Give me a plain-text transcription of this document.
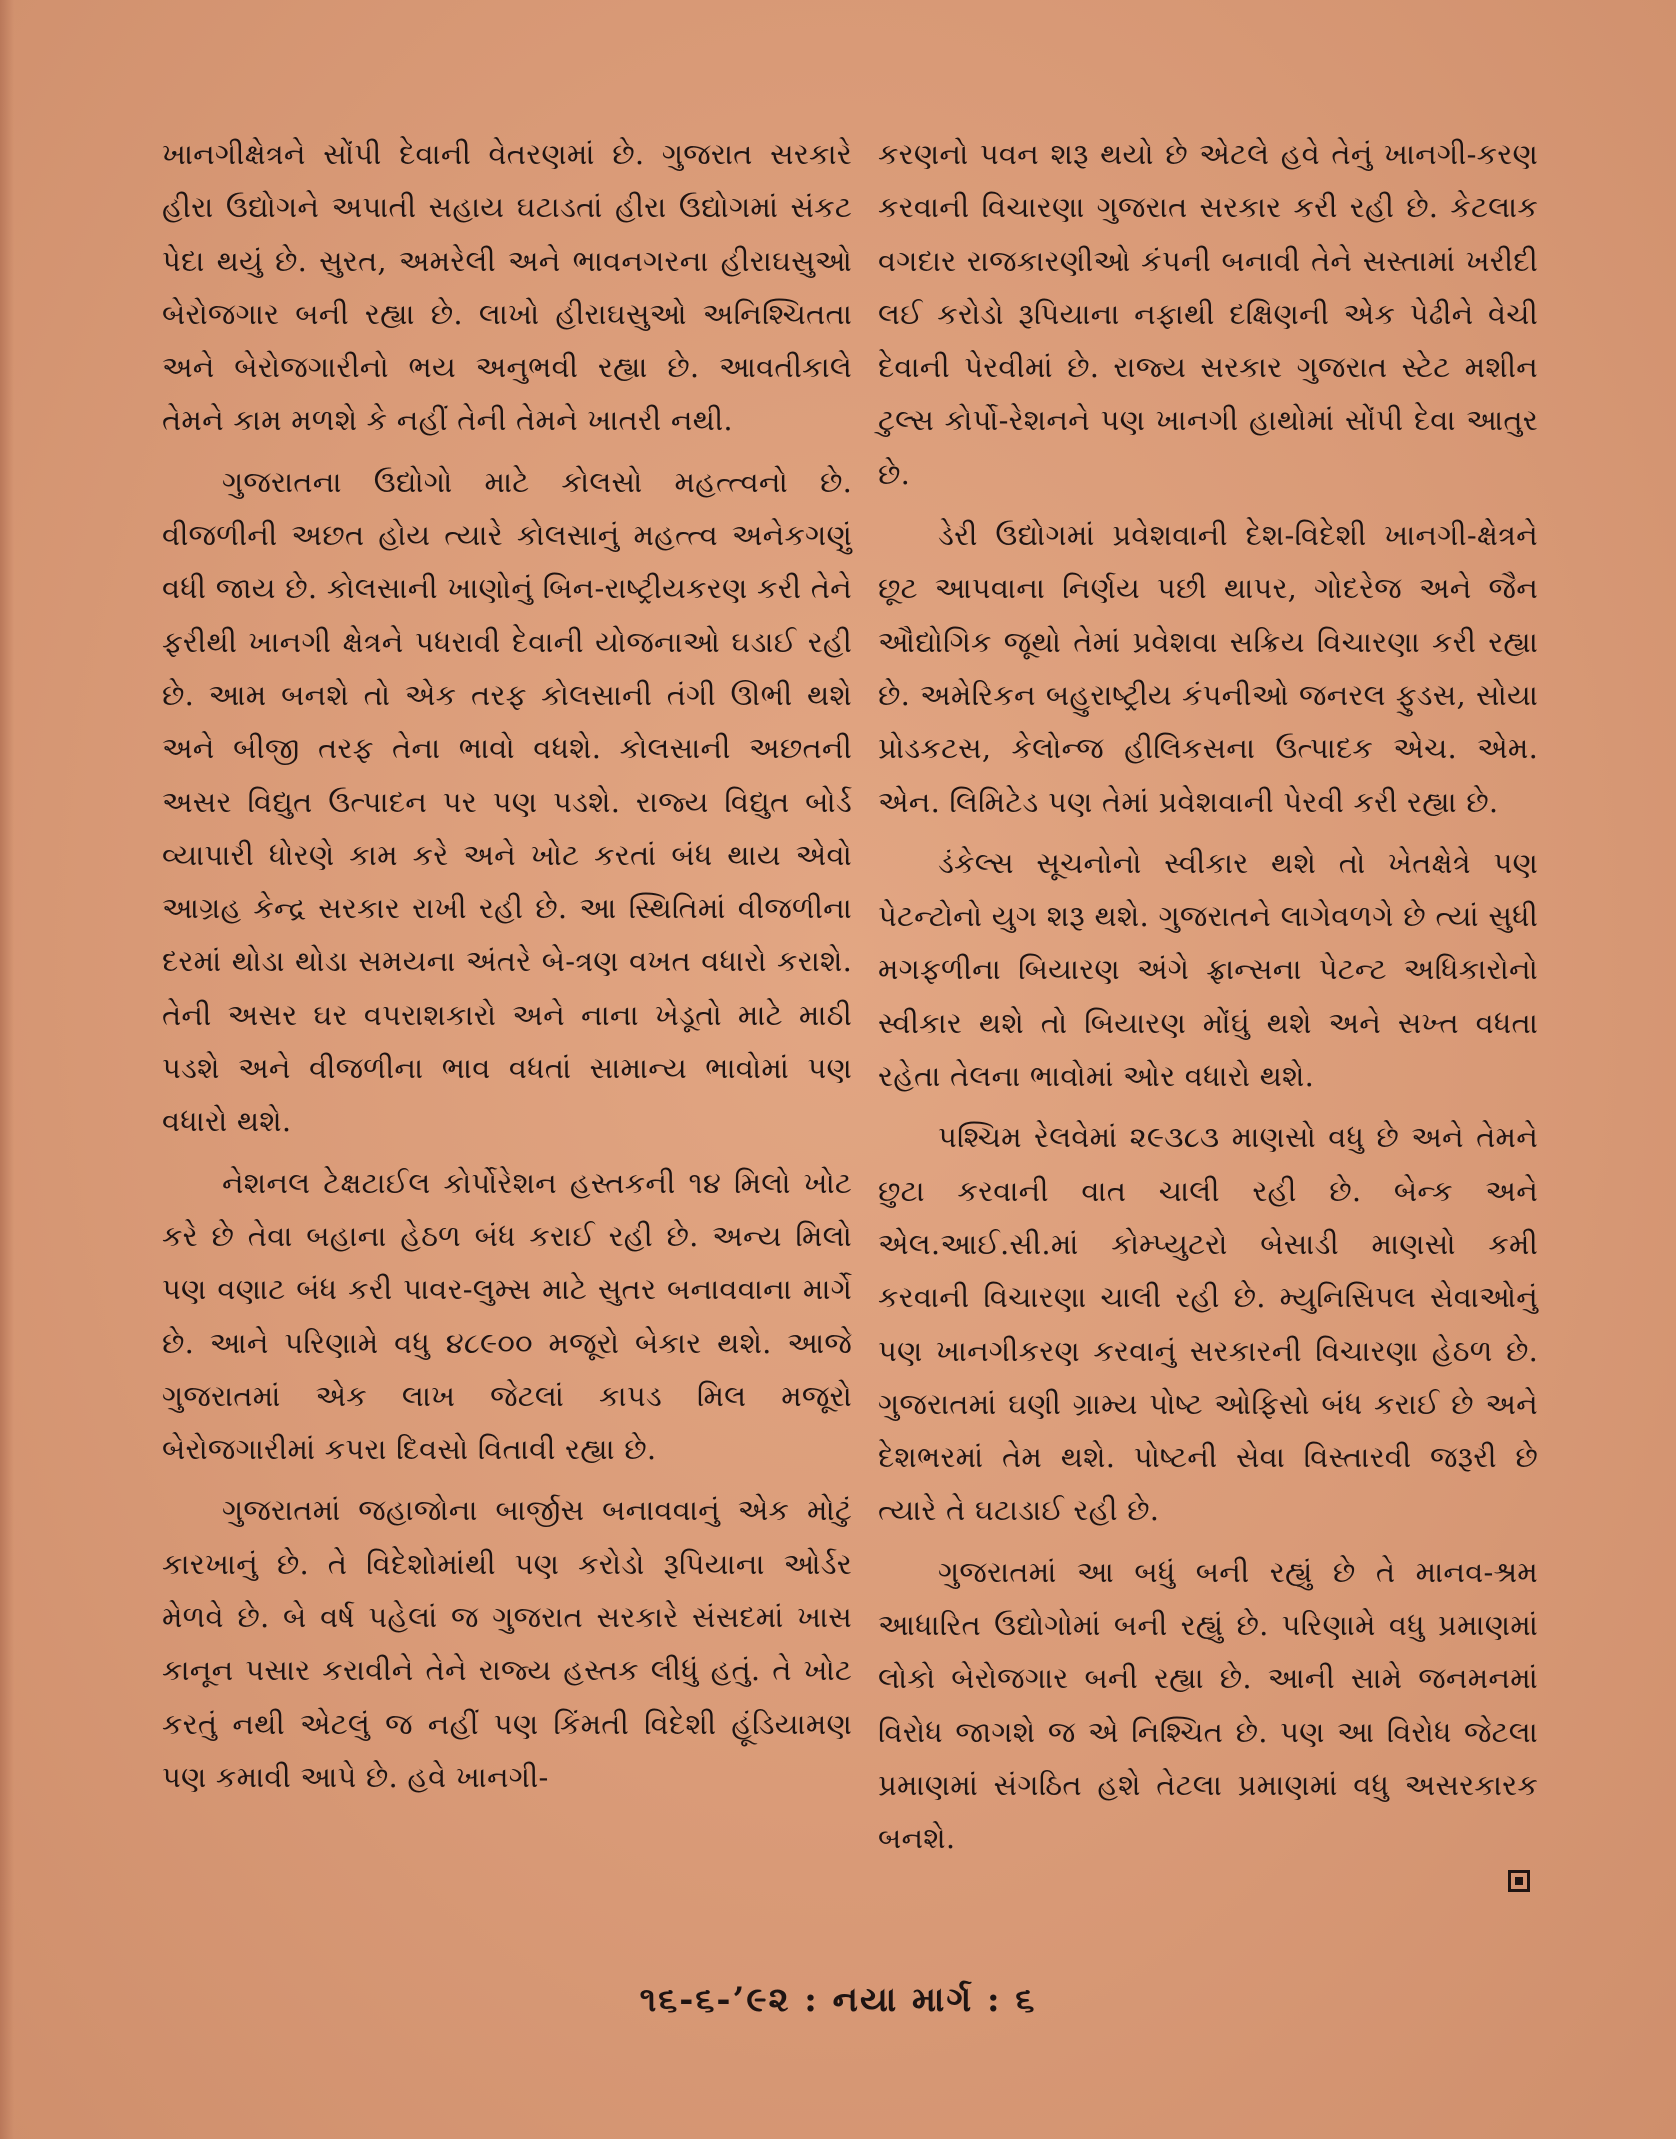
ખાનગીક્ષેત્રને સોંપી દેવાની વેતરણમાં છે. ગુજરાત સરકારે હીરા ઉદ્યોગને અપાતી સહાય ઘટાડતાં હીરા ઉદ્યોગમાં સંકટ પેદા થયું છે. સુરત, અમરેલી અને ભાવનગરના હીરાઘસુઓ બેરોજગાર બની રહ્યા છે. લાખો હીરાઘસુઓ અનિશ્ચિતતા અને બેરોજગારીનો ભય અનુભવી રહ્યા છે. આવતીકાલે તેમને કામ મળશે કે નહીં તેની તેમને ખાતરી નથી.

ગુજરાતના ઉદ્યોગો માટે કોલસો મહત્ત્વનો છે. વીજળીની અછત હોય ત્યારે કોલસાનું મહત્ત્વ અનેકગણું વધી જાય છે. કોલસાની ખાણોનું બિન-રાષ્ટ્રીયકરણ કરી તેને ફરીથી ખાનગી ક્ષેત્રને પધરાવી દેવાની યોજનાઓ ઘડાઈ રહી છે. આમ બનશે તો એક તરફ કોલસાની તંગી ઊભી થશે અને બીજી તરફ તેના ભાવો વધશે. કોલસાની અછતની અસર વિદ્યુત ઉત્પાદન પર પણ પડશે. રાજ્ય વિદ્યુત બોર્ડ વ્યાપારી ધોરણે કામ કરે અને ખોટ કરતાં બંધ થાય એવો આગ્રહ કેન્દ્ર સરકાર રાખી રહી છે. આ સ્થિતિમાં વીજળીના દરમાં થોડા થોડા સમયના અંતરે બે-ત્રણ વખત વધારો કરાશે. તેની અસર ઘર વપરાશકારો અને નાના ખેડૂતો માટે માઠી પડશે અને વીજળીના ભાવ વધતાં સામાન્ય ભાવોમાં પણ વધારો થશે.

નેશનલ ટેક્ષટાઈલ કોર્પોરેશન હસ્તકની ૧૪ મિલો ખોટ કરે છે તેવા બહાના હેઠળ બંધ કરાઈ રહી છે. અન્ય મિલો પણ વણાટ બંધ કરી પાવર-લુમ્સ માટે સુતર બનાવવાના માર્ગે છે. આને પરિણામે વધુ ૪૮૯૦૦ મજૂરો બેકાર થશે. આજે ગુજરાતમાં એક લાખ જેટલાં કાપડ મિલ મજૂરો બેરોજગારીમાં કપરા દિવસો વિતાવી રહ્યા છે.

ગુજરાતમાં જહાજોના બાર્જીસ બનાવવાનું એક મોટું કારખાનું છે. તે વિદેશોમાંથી પણ કરોડો રૂપિયાના ઓર્ડર મેળવે છે. બે વર્ષ પહેલાં જ ગુજરાત સરકારે સંસદમાં ખાસ કાનૂન પસાર કરાવીને તેને રાજ્ય હસ્તક લીધું હતું. તે ખોટ કરતું નથી એટલું જ નહીં પણ કિંમતી વિદેશી હૂંડિયામણ પણ કમાવી આપે છે. હવે ખાનગી-

કરણનો પવન શરૂ થયો છે એટલે હવે તેનું ખાનગી-કરણ કરવાની વિચારણા ગુજરાત સરકાર કરી રહી છે. કેટલાક વગદાર રાજકારણીઓ કંપની બનાવી તેને સસ્તામાં ખરીદી લઈ કરોડો રૂપિયાના નફાથી દક્ષિણની એક પેઢીને વેચી દેવાની પેરવીમાં છે. રાજ્ય સરકાર ગુજરાત સ્ટેટ મશીન ટુલ્સ કોર્પો-રેશનને પણ ખાનગી હાથોમાં સોંપી દેવા આતુર છે.

ડેરી ઉદ્યોગમાં પ્રવેશવાની દેશ-વિદેશી ખાનગી-ક્ષેત્રને છૂટ આપવાના નિર્ણય પછી થાપર, ગોદરેજ અને જૈન ઔદ્યોગિક જૂથો તેમાં પ્રવેશવા સક્રિય વિચારણા કરી રહ્યા છે. અમેરિકન બહુરાષ્ટ્રીય કંપનીઓ જનરલ ફુડસ, સોયા પ્રોડકટસ, કેલોન્જ હીલિકસના ઉત્પાદક એચ. એમ. એન. લિમિટેડ પણ તેમાં પ્રવેશવાની પેરવી કરી રહ્યા છે.

ડંકેલ્સ સૂચનોનો સ્વીકાર થશે તો ખેતક્ષેત્રે પણ પેટન્ટોનો યુગ શરૂ થશે. ગુજરાતને લાગેવળગે છે ત્યાં સુધી મગફળીના બિયારણ અંગે ફ્રાન્સના પેટન્ટ અધિકારોનો સ્વીકાર થશે તો બિયારણ મોંઘું થશે અને સખ્ત વધતા રહેતા તેલના ભાવોમાં ઓર વધારો થશે.

પશ્ચિમ રેલવેમાં ૨૯૩૮૩ માણસો વધુ છે અને તેમને છુટા કરવાની વાત ચાલી રહી છે. બેન્ક અને એલ.આઈ.સી.માં કોમ્પ્યુટરો બેસાડી માણસો કમી કરવાની વિચારણા ચાલી રહી છે. મ્યુનિસિપલ સેવાઓનું પણ ખાનગીકરણ કરવાનું સરકારની વિચારણા હેઠળ છે. ગુજરાતમાં ઘણી ગ્રામ્ય પોષ્ટ ઓફિસો બંધ કરાઈ છે અને દેશભરમાં તેમ થશે. પોષ્ટની સેવા વિસ્તારવી જરૂરી છે ત્યારે તે ઘટાડાઈ રહી છે.

ગુજરાતમાં આ બધું બની રહ્યું છે તે માનવ-શ્રમ આધારિત ઉદ્યોગોમાં બની રહ્યું છે. પરિણામે વધુ પ્રમાણમાં લોકો બેરોજગાર બની રહ્યા છે. આની સામે જનમનમાં વિરોધ જાગશે જ એ નિશ્ચિત છે. પણ આ વિરોધ જેટલા પ્રમાણમાં સંગઠિત હશે તેટલા પ્રમાણમાં વધુ અસરકારક બનશે.

૧૬-૬-’૯૨ : નયા માર્ગ : ૬
